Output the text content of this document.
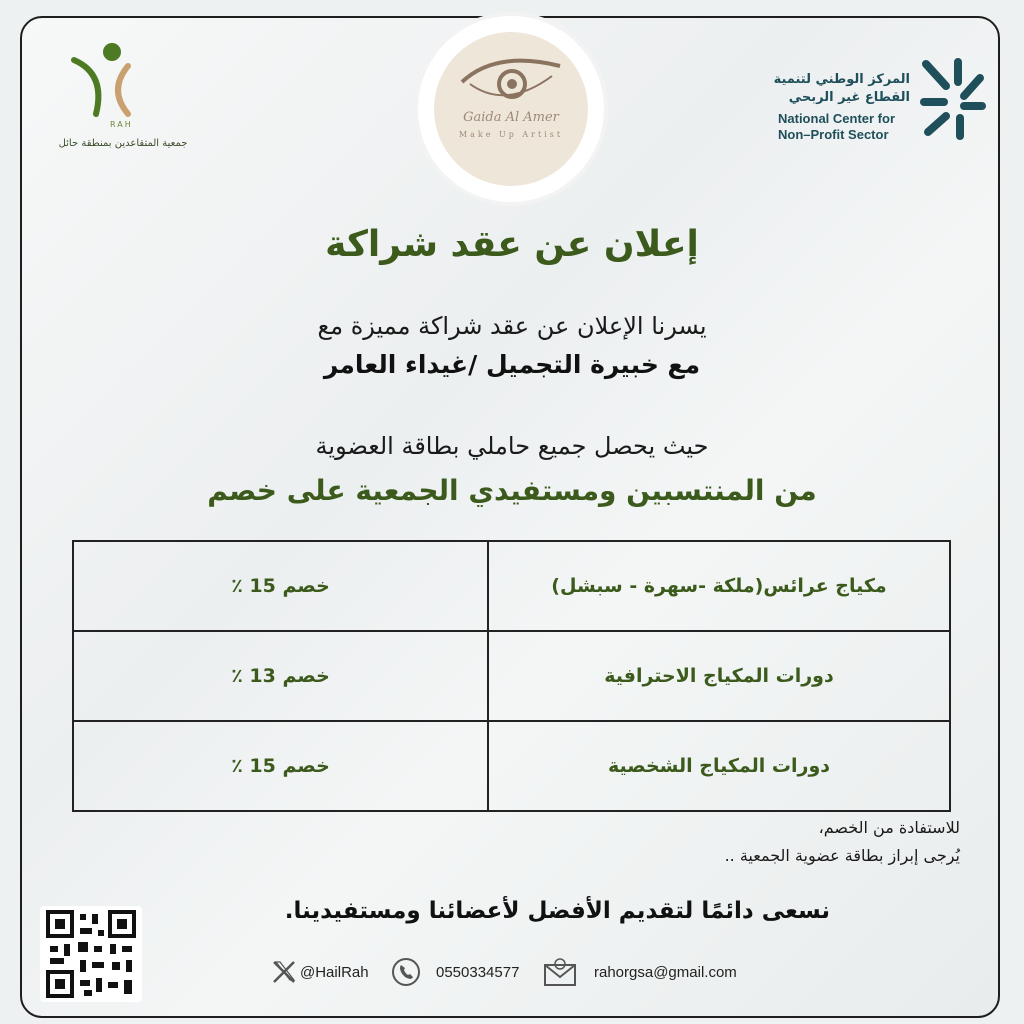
RAH
جمعية المتقاعدين بمنطقة حائل
Gaida Al Amer
Make Up Artist
المركز الوطني لتنمية
القطاع غير الربحي
National Center for
Non–Profit Sector
إعلان عن عقد شراكة
يسرنا الإعلان عن عقد شراكة مميزة مع
مع خبيرة التجميل /غيداء العامر
حيث يحصل جميع حاملي بطاقة العضوية
من المنتسبين ومستفيدي الجمعية على خصم
مكياج عرائس(ملكة -سهرة - سبشل)	خصم 15 ٪
دورات المكياج الاحترافية	خصم 13 ٪
دورات المكياج الشخصية	خصم 15 ٪
للاستفادة من الخصم،
يُرجى إبراز بطاقة عضوية الجمعية ..
نسعى دائمًا لتقديم الأفضل لأعضائنا ومستفيدينا.
@HailRah	0550334577	rahorgsa@gmail.com
